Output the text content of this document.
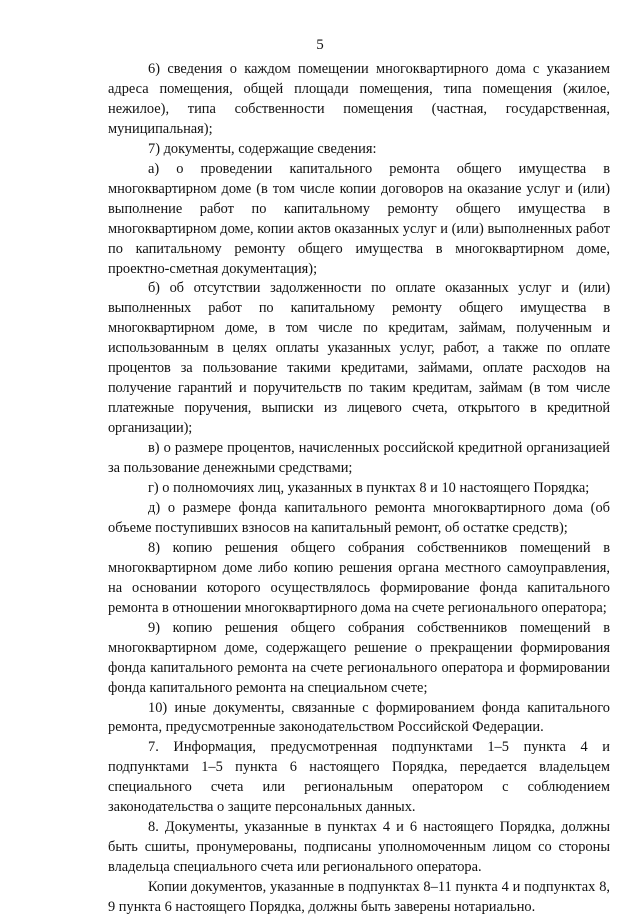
5

6) сведения о каждом помещении многоквартирного дома с указанием адреса помещения, общей площади помещения, типа помещения (жилое, нежилое), типа собственности помещения (частная, государственная, муниципальная);

7) документы, содержащие сведения:

а) о проведении капитального ремонта общего имущества в многоквартирном доме (в том числе копии договоров на оказание услуг и (или) выполнение работ по капитальному ремонту общего имущества в многоквартирном доме, копии актов оказанных услуг и (или) выполненных работ по капитальному ремонту общего имущества в многоквартирном доме, проектно-сметная документация);

б) об отсутствии задолженности по оплате оказанных услуг и (или) выполненных работ по капитальному ремонту общего имущества в многоквартирном доме, в том числе по кредитам, займам, полученным и использованным в целях оплаты указанных услуг, работ, а также по оплате процентов за пользование такими кредитами, займами, оплате расходов на получение гарантий и поручительств по таким кредитам, займам (в том числе платежные поручения, выписки из лицевого счета, открытого в кредитной организации);

в) о размере процентов, начисленных российской кредитной организацией за пользование денежными средствами;

г) о полномочиях лиц, указанных в пунктах 8 и 10 настоящего Порядка;

д) о размере фонда капитального ремонта многоквартирного дома (об объеме поступивших взносов на капитальный ремонт, об остатке средств);

8) копию решения общего собрания собственников помещений в многоквартирном доме либо копию решения органа местного самоуправления, на основании которого осуществлялось формирование фонда капитального ремонта в отношении многоквартирного дома на счете регионального оператора;

9) копию решения общего собрания собственников помещений в многоквартирном доме, содержащего решение о прекращении формирования фонда капитального ремонта на счете регионального оператора и формировании фонда капитального ремонта на специальном счете;

10) иные документы, связанные с формированием фонда капитального ремонта, предусмотренные законодательством Российской Федерации.

7. Информация, предусмотренная подпунктами 1–5 пункта 4 и подпунктами 1–5 пункта 6 настоящего Порядка, передается владельцем специального счета или региональным оператором с соблюдением законодательства о защите персональных данных.

8. Документы, указанные в пунктах 4 и 6 настоящего Порядка, должны быть сшиты, пронумерованы, подписаны уполномоченным лицом со стороны владельца специального счета или регионального оператора.

Копии документов, указанные в подпунктах 8–11 пункта 4 и подпунктах 8, 9 пункта 6 настоящего Порядка, должны быть заверены нотариально.
